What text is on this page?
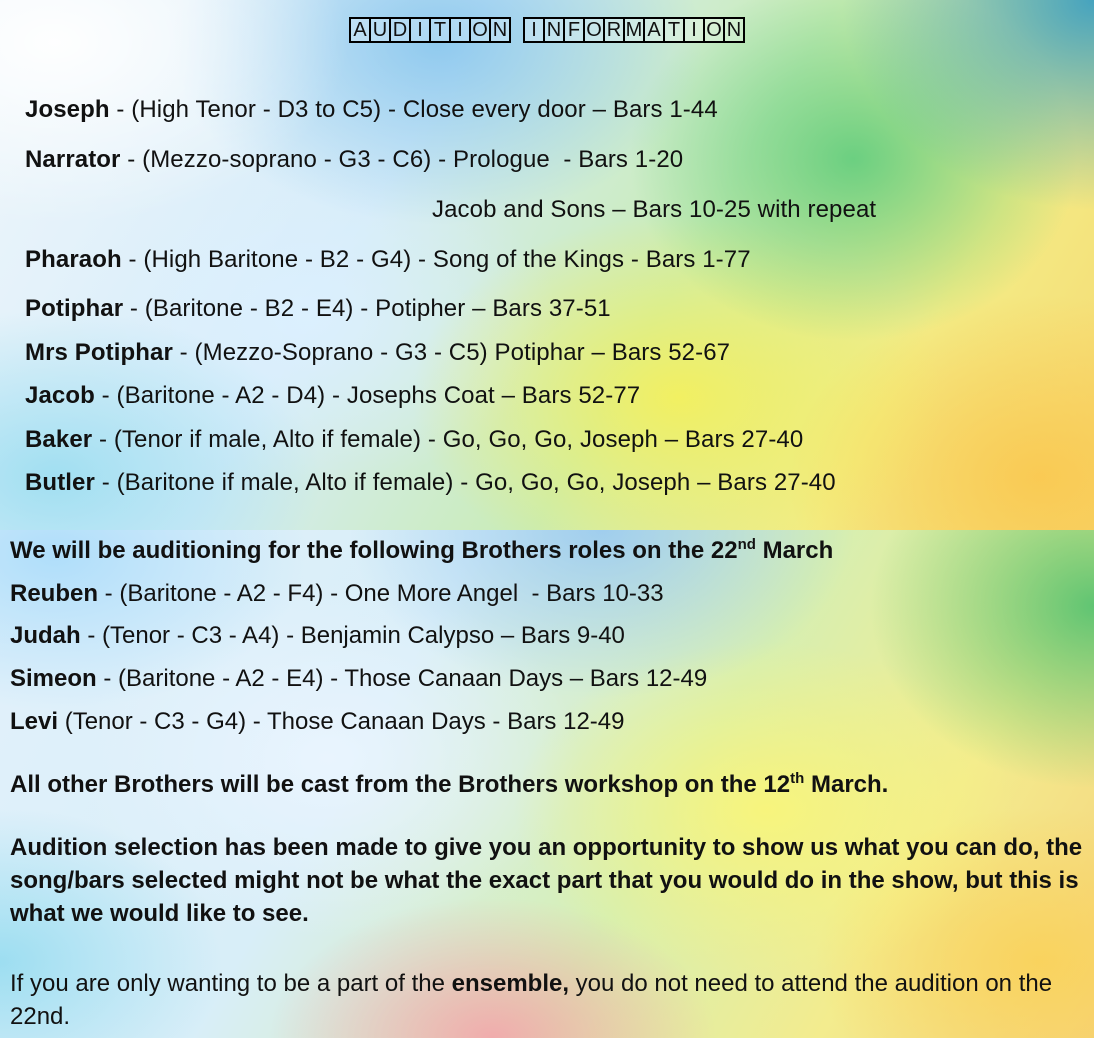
A U D I T I O N	I N F O R M A T I O N
Joseph - (High Tenor - D3 to C5) - Close every door – Bars 1-44
Narrator - (Mezzo-soprano - G3 - C6) - Prologue  - Bars 1-20
Jacob and Sons – Bars 10-25 with repeat
Pharaoh - (High Baritone - B2 - G4) - Song of the Kings - Bars 1-77
Potiphar - (Baritone - B2 - E4) - Potipher – Bars 37-51
Mrs Potiphar - (Mezzo-Soprano - G3 - C5) Potiphar – Bars 52-67
Jacob - (Baritone - A2 - D4) - Josephs Coat – Bars 52-77
Baker - (Tenor if male, Alto if female) - Go, Go, Go, Joseph – Bars 27-40
Butler - (Baritone if male, Alto if female) - Go, Go, Go, Joseph – Bars 27-40
We will be auditioning for the following Brothers roles on the 22nd March
Reuben - (Baritone - A2 - F4) - One More Angel  - Bars 10-33
Judah - (Tenor - C3 - A4) - Benjamin Calypso – Bars 9-40
Simeon - (Baritone - A2 - E4) - Those Canaan Days – Bars 12-49
Levi (Tenor - C3 - G4) - Those Canaan Days - Bars 12-49
All other Brothers will be cast from the Brothers workshop on the 12th March.
Audition selection has been made to give you an opportunity to show us what you can do, the song/bars selected might not be what the exact part that you would do in the show, but this is what we would like to see.
If you are only wanting to be a part of the ensemble, you do not need to attend the audition on the 22nd.
